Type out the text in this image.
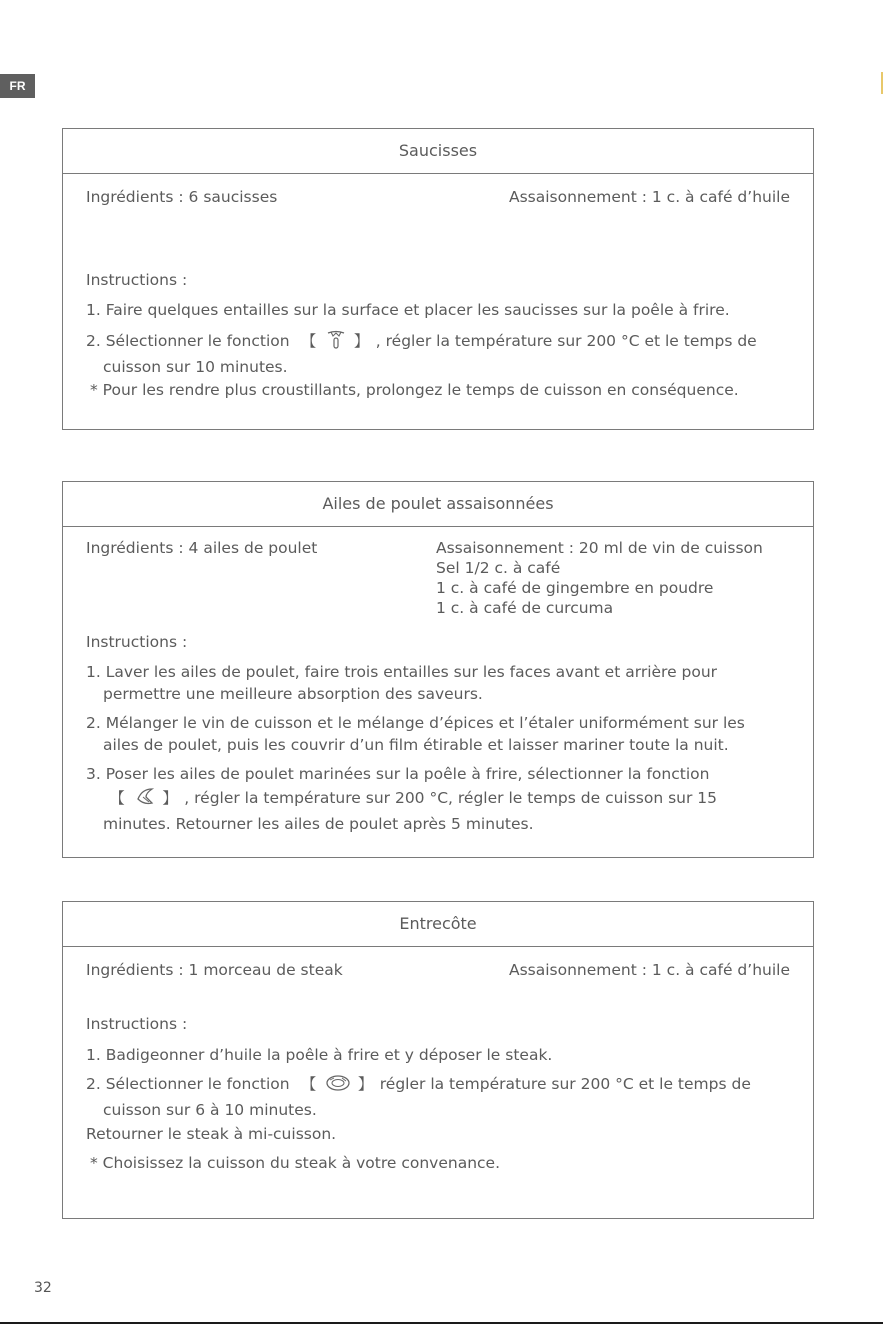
FR
Saucisses
Ingrédients : 6 saucisses	Assaisonnement : 1 c. à café d’huile
Instructions :
1. Faire quelques entailles sur la surface et placer les saucisses sur la poêle à frire.
2. Sélectionner le fonction  【  】 , régler la température sur 200 °C et le temps de
cuisson sur 10 minutes.
* Pour les rendre plus croustillants, prolongez le temps de cuisson en conséquence.
Ailes de poulet assaisonnées
Ingrédients : 4 ailes de poulet	Assaisonnement : 20 ml de vin de cuisson
Sel 1/2 c. à café
1 c. à café de gingembre en poudre
1 c. à café de curcuma
Instructions :
1. Laver les ailes de poulet, faire trois entailles sur les faces avant et arrière pour
permettre une meilleure absorption des saveurs.
2. Mélanger le vin de cuisson et le mélange d’épices et l’étaler uniformément sur les
ailes de poulet, puis les couvrir d’un film étirable et laisser mariner toute la nuit.
3. Poser les ailes de poulet marinées sur la poêle à frire, sélectionner la fonction
【  】 , régler la température sur 200 °C, régler le temps de cuisson sur 15
minutes. Retourner les ailes de poulet après 5 minutes.
Entrecôte
Ingrédients : 1 morceau de steak	Assaisonnement : 1 c. à café d’huile
Instructions :
1. Badigeonner d’huile la poêle à frire et y déposer le steak.
2. Sélectionner le fonction  【  】 régler la température sur 200 °C et le temps de
cuisson sur 6 à 10 minutes.
Retourner le steak à mi-cuisson.
* Choisissez la cuisson du steak à votre convenance.
32
